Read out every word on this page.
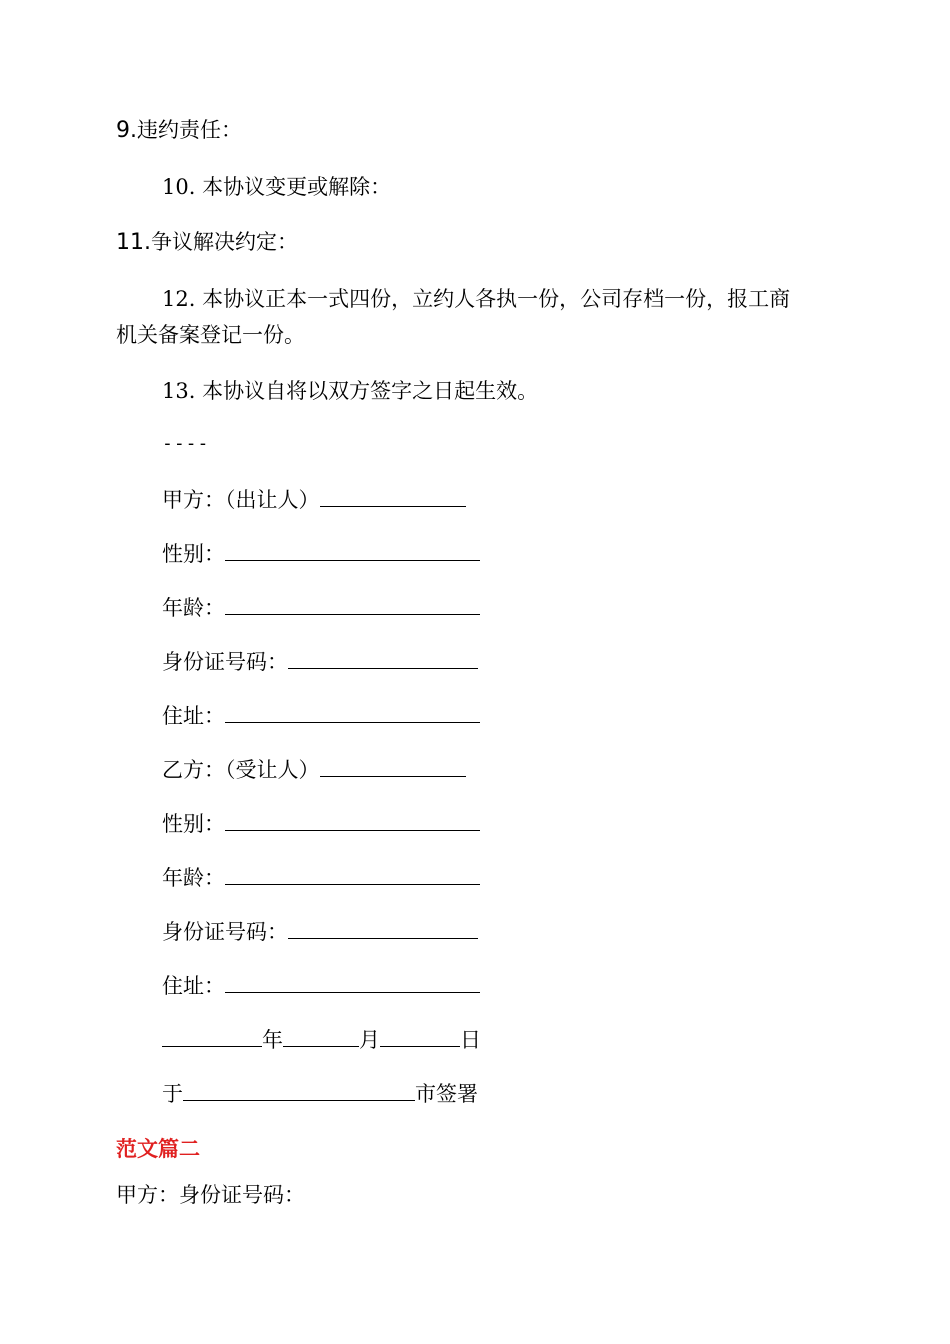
9.违约责任：
10. 本协议变更或解除：
11.争议解决约定：
12. 本协议正本一式四份，立约人各执一份，公司存档一份，报工商
机关备案登记一份。
13. 本协议自将以双方签字之日起生效。
----
甲方：（出让人）
性别：
年龄：
身份证号码：
住址：
乙方：（受让人）
性别：
年龄：
身份证号码：
住址：
年	月	日
于	市签署
范文篇二
甲方：身份证号码：
